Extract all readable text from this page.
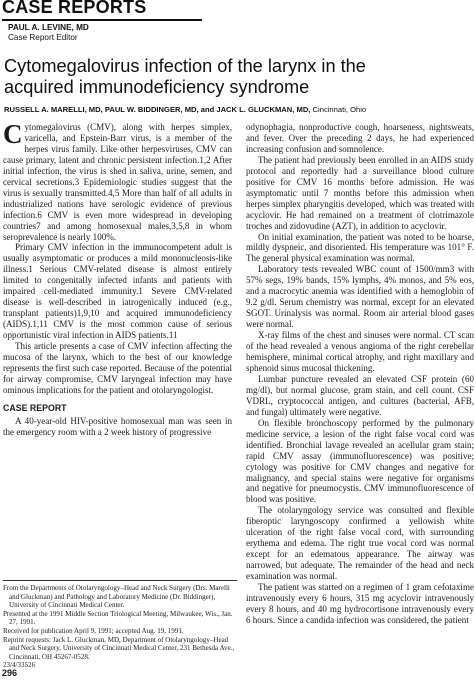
CASE REPORTS
PAUL A. LEVINE, MD
Case Report Editor
Cytomegalovirus infection of the larynx in the
acquired immunodeficiency syndrome
RUSSELL A. MARELLI, MD, PAUL W. BIDDINGER, MD, and JACK L. GLUCKMAN, MD, Cincinnati, Ohio

Cytomegalovirus (CMV), along with herpes simplex, varicella, and Epstein-Barr virus, is a member of the herpes virus family. Like other herpesviruses, CMV can cause primary, latent and chronic persistent infection.1,2 After initial infection, the virus is shed in saliva, urine, semen, and cervical secretions.3 Epidemiologic studies suggest that the virus is sexually transmitted.4,5 More than half of all adults in industrialized nations have serologic evidence of previous infection.6 CMV is even more widespread in developing countries7 and among homosexual males,3,5,8 in whom seroprevalence is nearly 100%.

Primary CMV infection in the immunocompetent adult is usually asymptomatic or produces a mild mononucleosis-like illness.1 Serious CMV-related disease is almost entirely limited to congenitally infected infants and patients with impaired cell-mediated immunity.1 Severe CMV-related disease is well-described in iatrogenically induced (e.g., transplant patients)1,9,10 and acquired immunodeficiency (AIDS).1,11 CMV is the most common cause of serious opportunistic viral infection in AIDS patients.11

This article presents a case of CMV infection affecting the mucosa of the larynx, which to the best of our knowledge represents the first such case reported. Because of the potential for airway compromise, CMV laryngeal infection may have ominous implications for the patient and otolaryngologist.

CASE REPORT

A 40-year-old HIV-positive homosexual man was seen in the emergency room with a 2 week history of progressive

From the Departments of Otolaryngology–Head and Neck Surgery (Drs. Marelli and Gluckman) and Pathology and Laboratory Medicine (Dr. Biddinger), University of Cincinnati Medical Center.

Presented at the 1991 Middle Section Triological Meeting, Milwaukee, Wis., Jan. 27, 1991.

Received for publication April 9, 1991; accepted Aug. 19, 1991.

Reprint requests: Jack L. Gluckman, MD, Department of Otolaryngology–Head and Neck Surgery, University of Cincinnati Medical Center, 231 Bethesda Ave., Cincinnati, OH 45267-0528.

23/4/33526

odynophagia, nonproductive cough, hoarseness, nightsweats, and fever. Over the preceding 2 days, he had experienced increasing confusion and somnolence.

The patient had previously been enrolled in an AIDS study protocol and reportedly had a surveillance blood culture positive for CMV 16 months before admission. He was asymptomatic until 7 months before this admission when herpes simplex pharyngitis developed, which was treated with acyclovir. He had remained on a treatment of clotrimazole troches and zidovudine (AZT), in addition to acyclovir.

On initial examination, the patient was noted to be hoarse, mildly dyspneic, and disoriented. His temperature was 101° F. The general physical examination was normal.

Laboratory tests revealed WBC count of 1500/mm3 with 57% segs, 19% bands, 15% lymphs, 4% monos, and 5% eos, and a macrocytic anemia was identified with a hemoglobin of 9.2 g/dl. Serum chemistry was normal, except for an elevated SGOT. Urinalysis was normal. Room air arterial blood gases were normal.

X-ray films of the chest and sinuses were normal. CT scan of the head revealed a venous angioma of the right cerebellar hemisphere, minimal cortical atrophy, and right maxillary and sphenoid sinus mucosal thickening.

Lumbar puncture revealed an elevated CSF protein (60 mg/dl), but normal glucose, gram stain, and cell count. CSF VDRL, cryptococcal antigen, and cultures (bacterial, AFB, and fungal) ultimately were negative.

On flexible bronchoscopy performed by the pulmonary medicine service, a lesion of the right false vocal cord was identified. Bronchial lavage revealed an acellular gram stain; rapid CMV assay (immunofluorescence) was positive; cytology was positive for CMV changes and negative for malignancy, and special stains were negative for organisms and negative for pneumocystis. CMV immunofluorescence of blood was positive.

The otolaryngology service was consulted and flexible fiberoptic laryngoscopy confirmed a yellowish white ulceration of the right false vocal cord, with surrounding erythema and edema. The right true vocal cord was normal except for an edematous appearance. The airway was narrowed, but adequate. The remainder of the head and neck examination was normal.

The patient was started on a regimen of 1 gram cefotaxime intravenously every 6 hours, 315 mg acyclovir intravenously every 8 hours, and 40 mg hydrocortisone intravenously every 6 hours. Since a candida infection was considered, the patient

296
